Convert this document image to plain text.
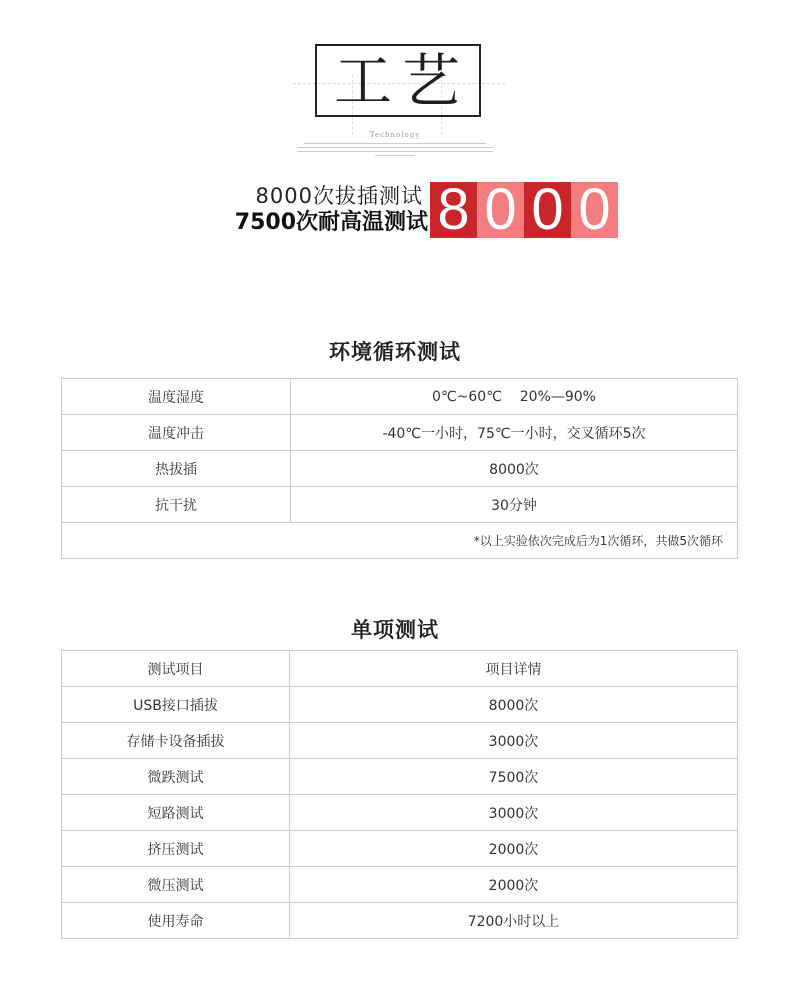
工艺
Technology
8000次拔插测试
7500次耐高温测试 8 0 0 0
环境循环测试
温度湿度	0℃~60℃    20%—90%
温度冲击	-40℃一小时，75℃一小时，交叉循环5次
热拔插	8000次
抗干扰	30分钟
*以上实验依次完成后为1次循环，共做5次循环	
单项测试
测试项目	项目详情
USB接口插拔	8000次
存储卡设备插拔	3000次
微跌测试	7500次
短路测试	3000次
挤压测试	2000次
微压测试	2000次
使用寿命	7200小时以上
